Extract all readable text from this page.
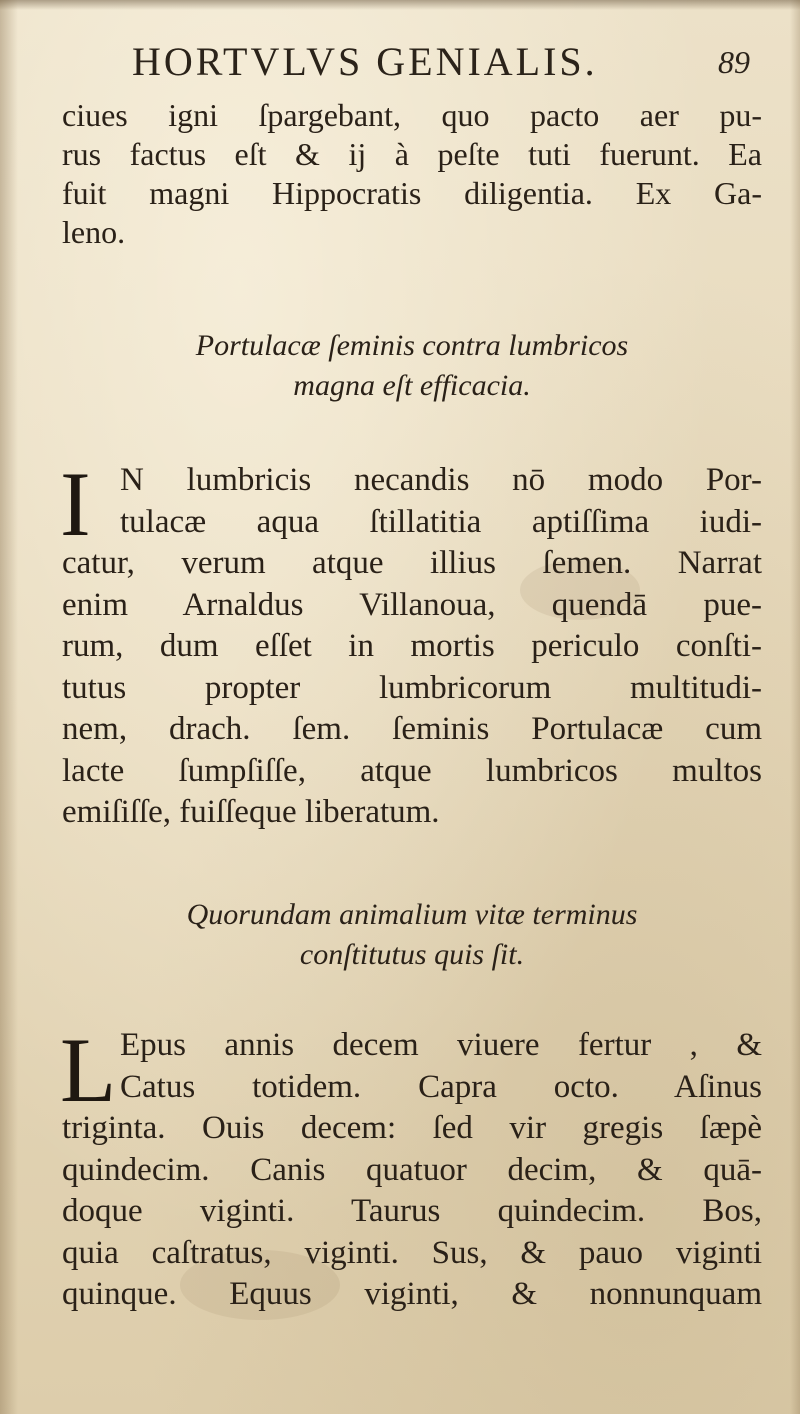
HORTVLVS GENIALIS.	89
ciues igni ſpargebant, quo pacto aer pu-
rus factus eſt & ij à peſte tuti fuerunt. Ea
fuit magni Hippocratis diligentia. Ex Ga-
leno.
Portulacæ ſeminis contra lumbricos
magna eſt efficacia.
I N lumbricis necandis nō modo Por-
tulacæ aqua ſtillatitia aptiſſima iudi-
catur, verum atque illius ſemen. Narrat
enim Arnaldus Villanoua, quendā pue-
rum, dum eſſet in mortis periculo conſti-
tutus propter lumbricorum multitudi-
nem, drach. ſem. ſeminis Portulacæ cum
lacte ſumpſiſſe, atque lumbricos multos
emiſiſſe, fuiſſeque liberatum.
Quorundam animalium vitæ terminus
conſtitutus quis ſit.
L Epus annis decem viuere fertur , &
Catus totidem. Capra octo. Aſinus
triginta. Ouis decem: ſed vir gregis ſæpè
quindecim. Canis quatuor decim, & quā-
doque viginti. Taurus quindecim. Bos,
quia caſtratus, viginti. Sus, & pauo viginti
quinque. Equus viginti, & nonnunquam
